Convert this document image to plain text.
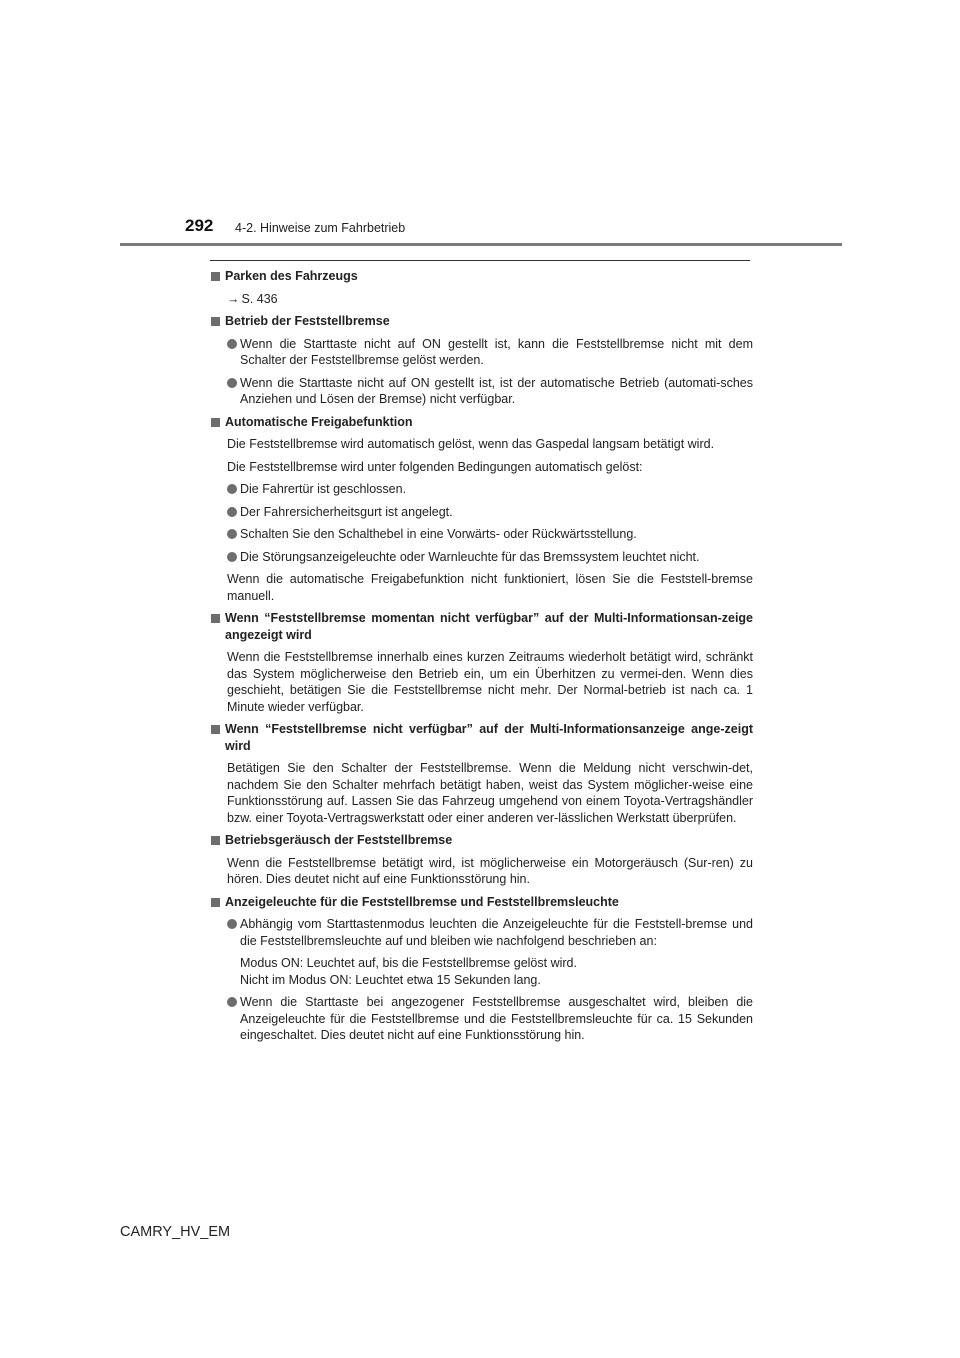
292 4-2. Hinweise zum Fahrbetrieb
Parken des Fahrzeugs
→ S. 436
Betrieb der Feststellbremse
Wenn die Starttaste nicht auf ON gestellt ist, kann die Feststellbremse nicht mit dem Schalter der Feststellbremse gelöst werden.
Wenn die Starttaste nicht auf ON gestellt ist, ist der automatische Betrieb (automati-sches Anziehen und Lösen der Bremse) nicht verfügbar.
Automatische Freigabefunktion
Die Feststellbremse wird automatisch gelöst, wenn das Gaspedal langsam betätigt wird.
Die Feststellbremse wird unter folgenden Bedingungen automatisch gelöst:
Die Fahrertür ist geschlossen.
Der Fahrersicherheitsgurt ist angelegt.
Schalten Sie den Schalthebel in eine Vorwärts- oder Rückwärtsstellung.
Die Störungsanzeigeleuchte oder Warnleuchte für das Bremssystem leuchtet nicht.
Wenn die automatische Freigabefunktion nicht funktioniert, lösen Sie die Feststell-bremse manuell.
Wenn “Feststellbremse momentan nicht verfügbar” auf der Multi-Informationsan-zeige angezeigt wird
Wenn die Feststellbremse innerhalb eines kurzen Zeitraums wiederholt betätigt wird, schränkt das System möglicherweise den Betrieb ein, um ein Überhitzen zu vermei-den. Wenn dies geschieht, betätigen Sie die Feststellbremse nicht mehr. Der Normal-betrieb ist nach ca. 1 Minute wieder verfügbar.
Wenn “Feststellbremse nicht verfügbar” auf der Multi-Informationsanzeige ange-zeigt wird
Betätigen Sie den Schalter der Feststellbremse. Wenn die Meldung nicht verschwin-det, nachdem Sie den Schalter mehrfach betätigt haben, weist das System möglicher-weise eine Funktionsstörung auf. Lassen Sie das Fahrzeug umgehend von einem Toyota-Vertragshändler bzw. einer Toyota-Vertragswerkstatt oder einer anderen ver-lässlichen Werkstatt überprüfen.
Betriebsgeräusch der Feststellbremse
Wenn die Feststellbremse betätigt wird, ist möglicherweise ein Motorgeräusch (Sur-ren) zu hören. Dies deutet nicht auf eine Funktionsstörung hin.
Anzeigeleuchte für die Feststellbremse und Feststellbremsleuchte
Abhängig vom Starttastenmodus leuchten die Anzeigeleuchte für die Feststell-bremse und die Feststellbremsleuchte auf und bleiben wie nachfolgend beschrieben an:
Modus ON: Leuchtet auf, bis die Feststellbremse gelöst wird.
Nicht im Modus ON: Leuchtet etwa 15 Sekunden lang.
Wenn die Starttaste bei angezogener Feststellbremse ausgeschaltet wird, bleiben die Anzeigeleuchte für die Feststellbremse und die Feststellbremsleuchte für ca. 15 Sekunden eingeschaltet. Dies deutet nicht auf eine Funktionsstörung hin.
CAMRY_HV_EM
